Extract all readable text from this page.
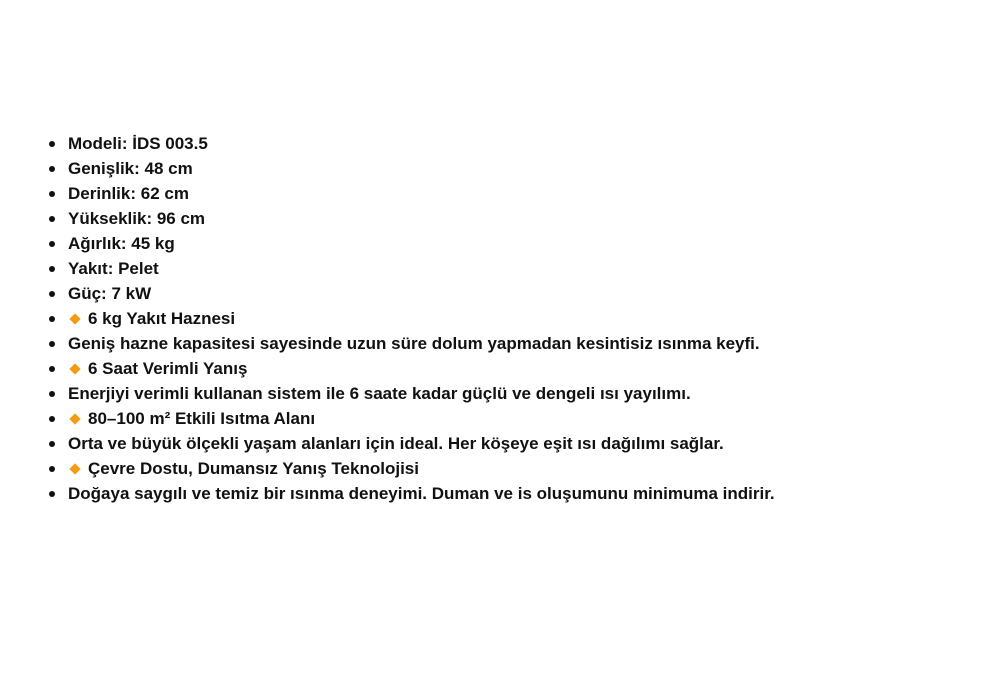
Modeli: İDS 003.5
Genişlik: 48 cm
Derinlik: 62 cm
Yükseklik: 96 cm
Ağırlık: 45 kg
Yakıt: Pelet
Güç: 7 kW
6 kg Yakıt Haznesi
Geniş hazne kapasitesi sayesinde uzun süre dolum yapmadan kesintisiz ısınma keyfi.
6 Saat Verimli Yanış
Enerjiyi verimli kullanan sistem ile 6 saate kadar güçlü ve dengeli ısı yayılımı.
80–100 m² Etkili Isıtma Alanı
Orta ve büyük ölçekli yaşam alanları için ideal. Her köşeye eşit ısı dağılımı sağlar.
Çevre Dostu, Dumansız Yanış Teknolojisi
Doğaya saygılı ve temiz bir ısınma deneyimi. Duman ve is oluşumunu minimuma indirir.
